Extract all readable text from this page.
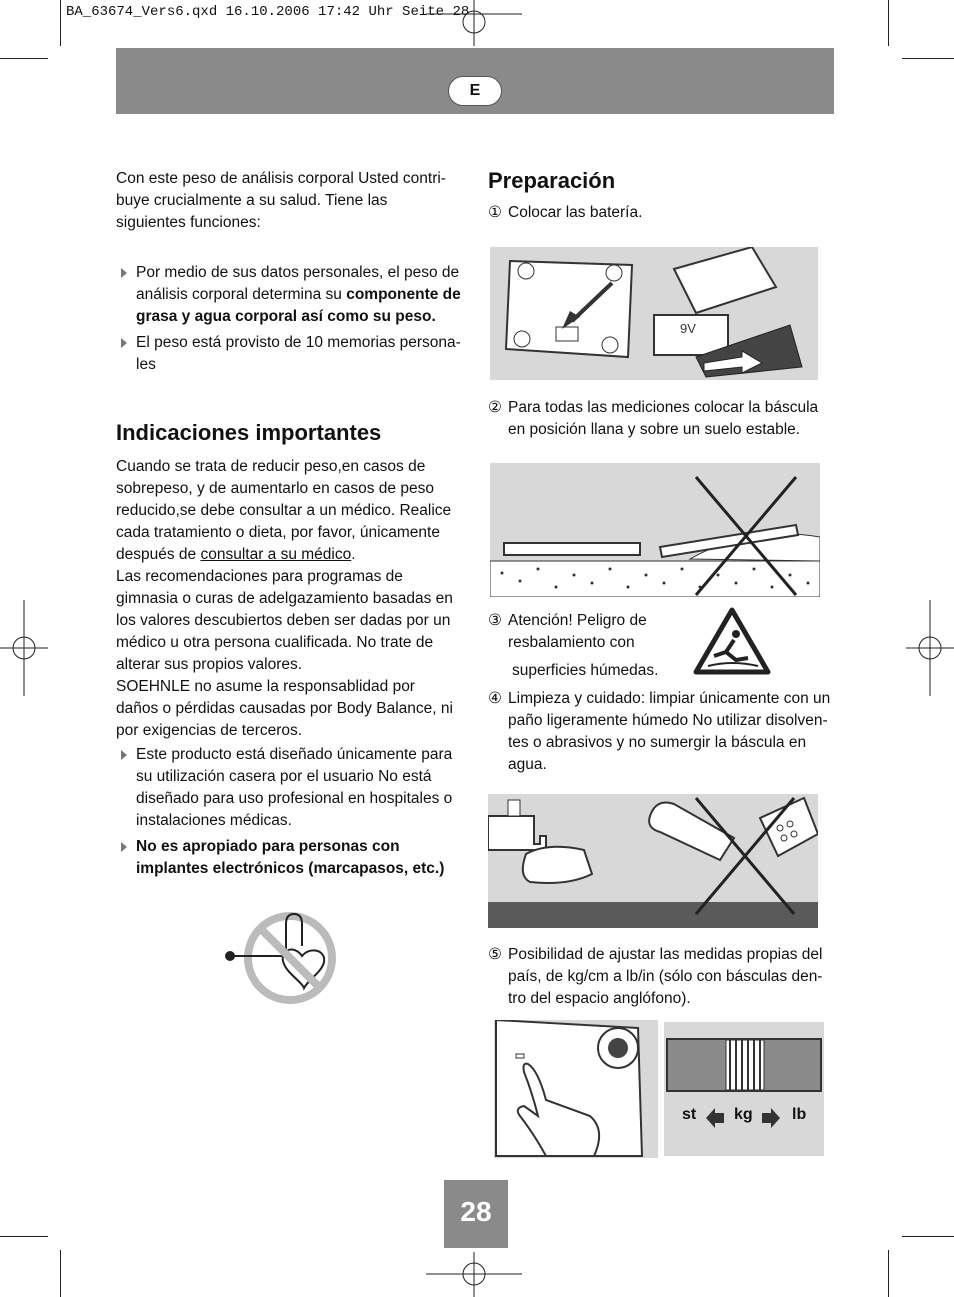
BA_63674_Vers6.qxd 16.10.2006 17:42 Uhr Seite 28
E

Con este peso de análisis corporal Usted contri-buye crucialmente a su salud. Tiene las siguientes funciones:

Por medio de sus datos personales, el peso de análisis corporal determina su componente de grasa y agua corporal así como su peso.
El peso está provisto de 10 memorias persona-les
Indicaciones importantes

Cuando se trata de reducir peso,en casos de sobrepeso, y de aumentarlo en casos de peso reducido,se debe consultar a un médico. Realice cada tratamiento o dieta, por favor, únicamente después de consultar a su médico.

Las recomendaciones para programas de gimnasia o curas de adelgazamiento basadas en los valores descubiertos deben ser dadas por un médico u otra persona cualificada. No trate de alterar sus propios valores.

SOEHNLE no asume la responsablidad por daños o pérdidas causadas por Body Balance, ni por exigencias de terceros.

Este producto está diseñado únicamente para su utilización casera por el usuario No está diseñado para uso profesional en hospitales o instalaciones médicas.
No es apropiado para personas con implantes electrónicos (marcapasos, etc.)
Preparación
① Colocar las batería.
9V
② Para todas las mediciones colocar la báscula en posición llana y sobre un suelo estable.
③ Atención! Peligro de resbalamiento con
superficies húmedas.
④ Limpieza y cuidado: limpiar únicamente con un paño ligeramente húmedo No utilizar disolven-tes o abrasivos y no sumergir la báscula en agua.
⑤ Posibilidad de ajustar las medidas propias del país, de kg/cm a lb/in (sólo con básculas den-tro del espacio anglófono).
st kg lb
28
